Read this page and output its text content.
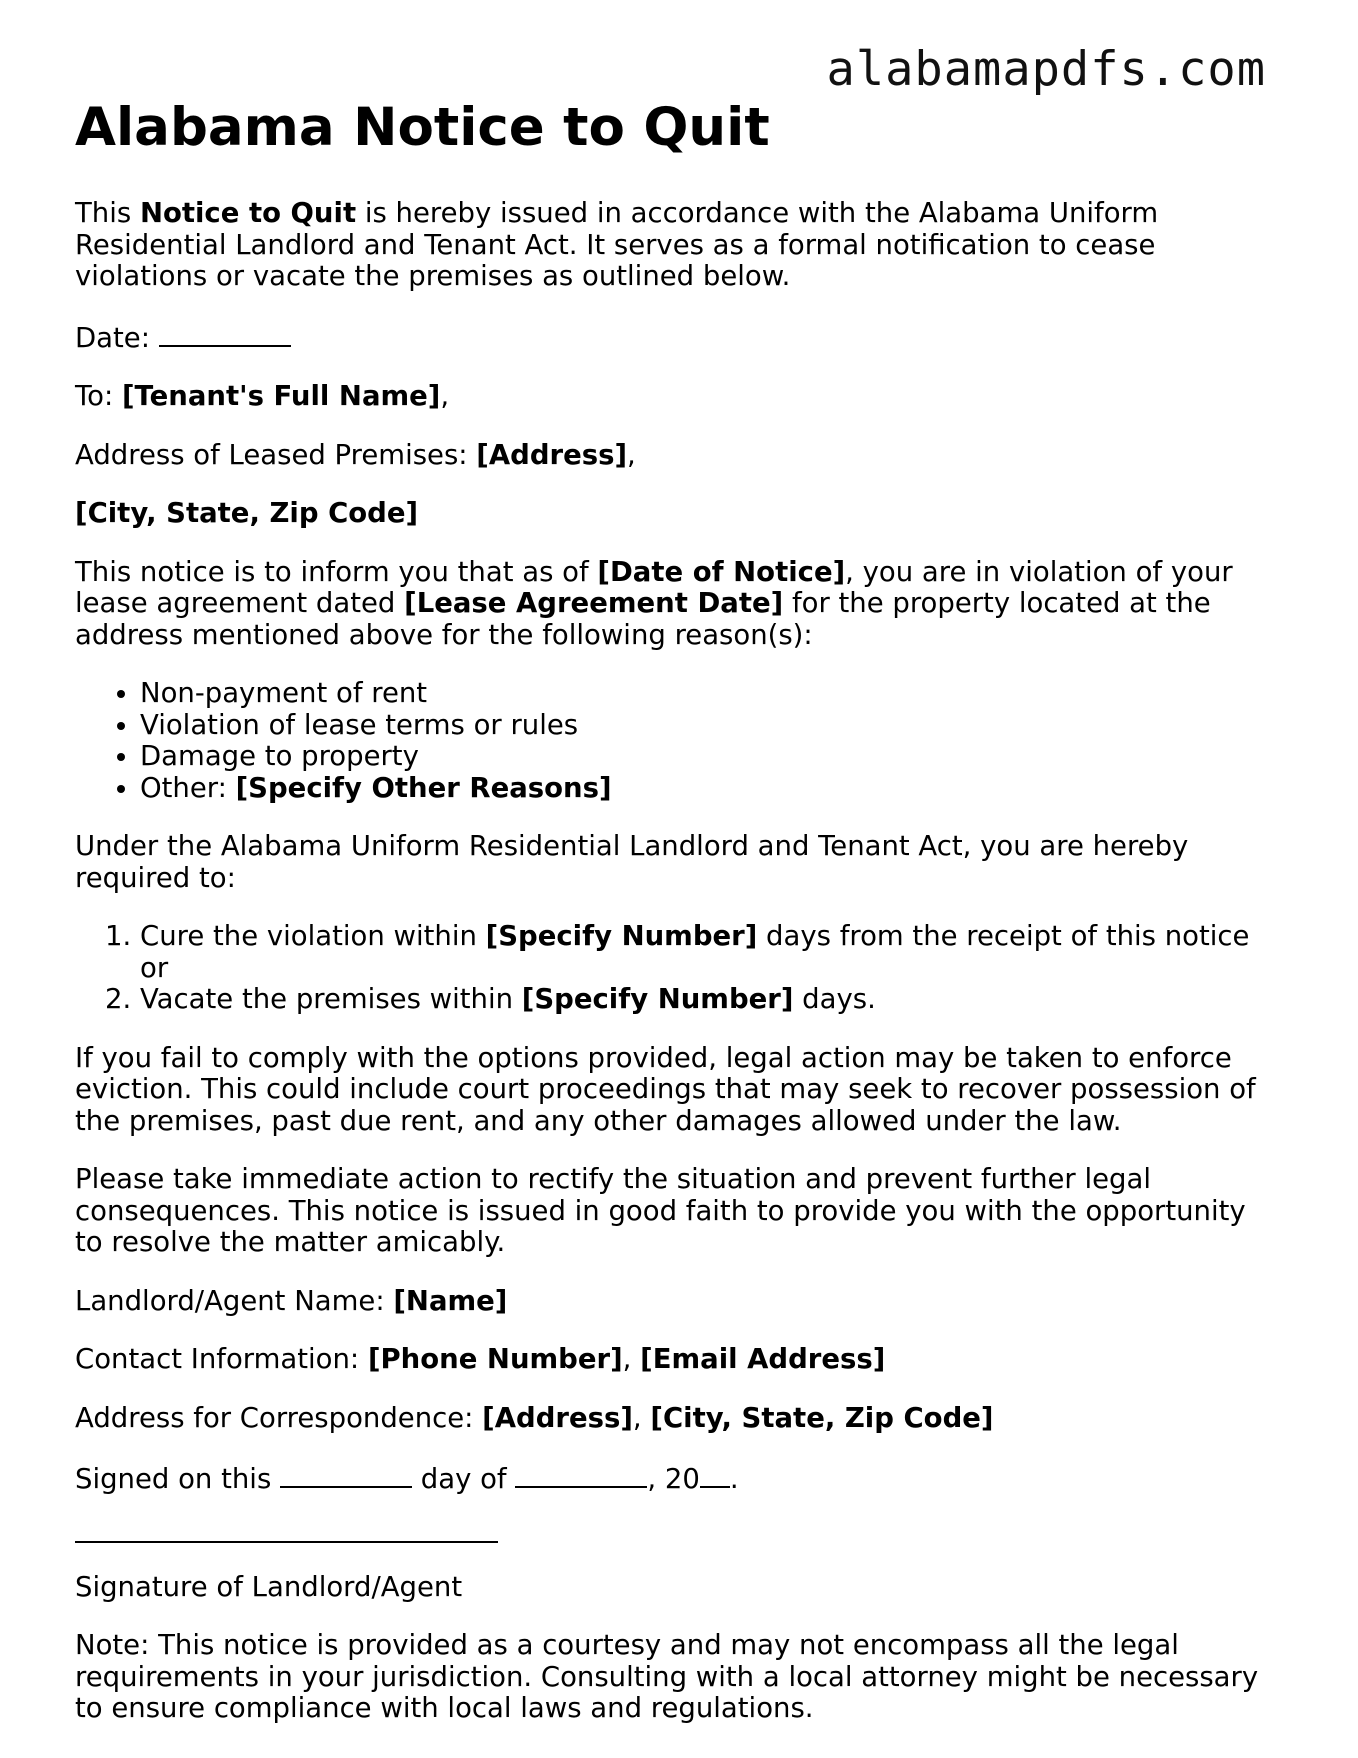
alabamapdfs.com
Alabama Notice to Quit

This Notice to Quit is hereby issued in accordance with the Alabama Uniform Residential Landlord and Tenant Act. It serves as a formal notification to cease violations or vacate the premises as outlined below.

Date:

To: [Tenant's Full Name],

Address of Leased Premises: [Address],

[City, State, Zip Code]

This notice is to inform you that as of [Date of Notice], you are in violation of your lease agreement dated [Lease Agreement Date] for the property located at the address mentioned above for the following reason(s):

• Non-payment of rent
• Violation of lease terms or rules
• Damage to property
• Other: [Specify Other Reasons]

Under the Alabama Uniform Residential Landlord and Tenant Act, you are hereby required to:

1. Cure the violation within [Specify Number] days from the receipt of this notice or
2. Vacate the premises within [Specify Number] days.

If you fail to comply with the options provided, legal action may be taken to enforce eviction. This could include court proceedings that may seek to recover possession of the premises, past due rent, and any other damages allowed under the law.

Please take immediate action to rectify the situation and prevent further legal consequences. This notice is issued in good faith to provide you with the opportunity to resolve the matter amicably.

Landlord/Agent Name: [Name]

Contact Information: [Phone Number], [Email Address]

Address for Correspondence: [Address], [City, State, Zip Code]

Signed on this	day of	, 20 .

Signature of Landlord/Agent

Note: This notice is provided as a courtesy and may not encompass all the legal requirements in your jurisdiction. Consulting with a local attorney might be necessary to ensure compliance with local laws and regulations.
